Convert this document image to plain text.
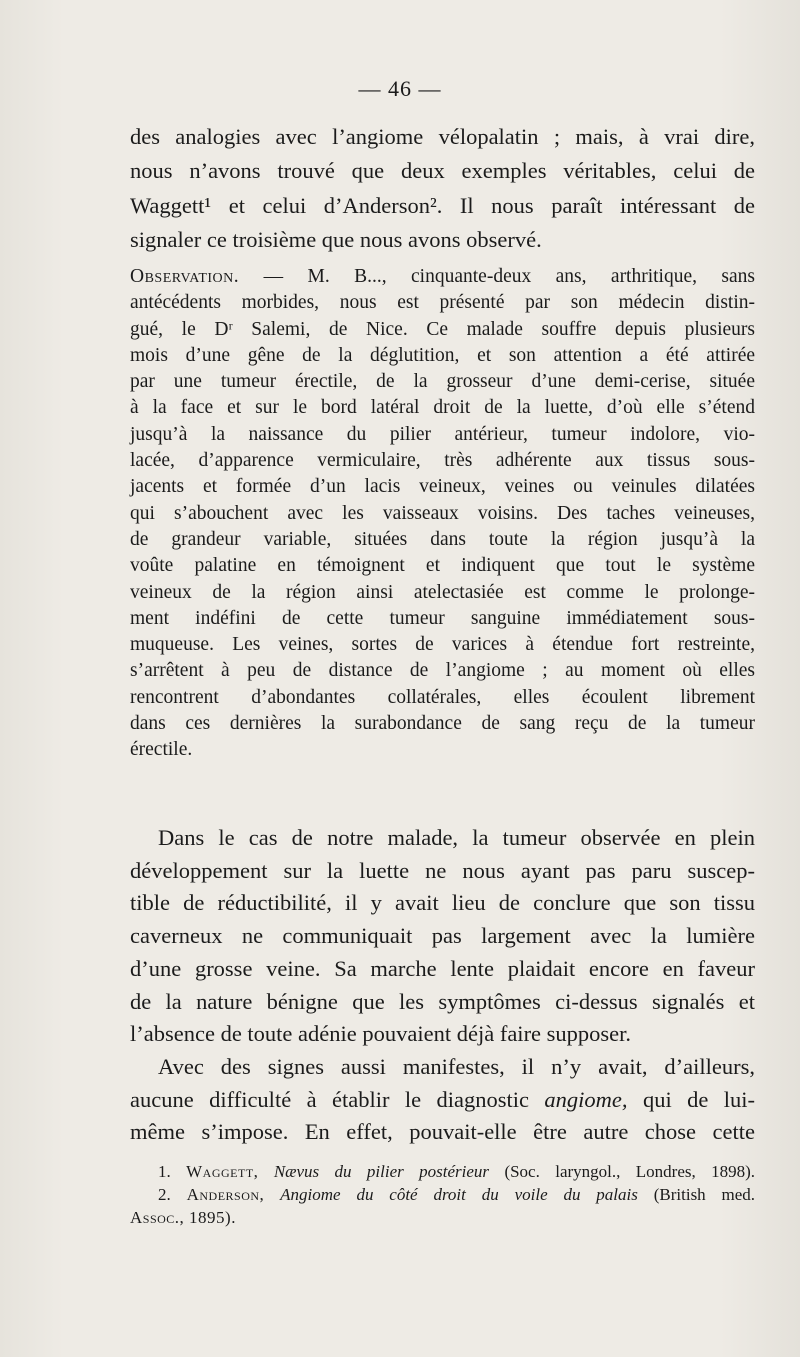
— 46 —
des analogies avec l’angiome vélopalatin ; mais, à vrai dire,
nous n’avons trouvé que deux exemples véritables, celui de
Waggett¹ et celui d’Anderson². Il nous paraît intéressant de
signaler ce troisième que nous avons observé.
Observation. — M. B..., cinquante-deux ans, arthritique, sans
antécédents morbides, nous est présenté par son médecin distin-
gué, le Dʳ Salemi, de Nice. Ce malade souffre depuis plusieurs
mois d’une gêne de la déglutition, et son attention a été attirée
par une tumeur érectile, de la grosseur d’une demi-cerise, située
à la face et sur le bord latéral droit de la luette, d’où elle s’étend
jusqu’à la naissance du pilier antérieur, tumeur indolore, vio-
lacée, d’apparence vermiculaire, très adhérente aux tissus sous-
jacents et formée d’un lacis veineux, veines ou veinules dilatées
qui s’abouchent avec les vaisseaux voisins. Des taches veineuses,
de grandeur variable, situées dans toute la région jusqu’à la
voûte palatine en témoignent et indiquent que tout le système
veineux de la région ainsi atelectasiée est comme le prolonge-
ment indéfini de cette tumeur sanguine immédiatement sous-
muqueuse. Les veines, sortes de varices à étendue fort restreinte,
s’arrêtent à peu de distance de l’angiome ; au moment où elles
rencontrent d’abondantes collatérales, elles écoulent librement
dans ces dernières la surabondance de sang reçu de la tumeur
érectile.
Dans le cas de notre malade, la tumeur observée en plein
développement sur la luette ne nous ayant pas paru suscep-
tible de réductibilité, il y avait lieu de conclure que son tissu
caverneux ne communiquait pas largement avec la lumière
d’une grosse veine. Sa marche lente plaidait encore en faveur
de la nature bénigne que les symptômes ci-dessus signalés et
l’absence de toute adénie pouvaient déjà faire supposer.
Avec des signes aussi manifestes, il n’y avait, d’ailleurs,
aucune difficulté à établir le diagnostic angiome, qui de lui-
même s’impose. En effet, pouvait-elle être autre chose cette
1. Waggett, Nævus du pilier postérieur (Soc. laryngol., Londres, 1898).
2. Anderson, Angiome du côté droit du voile du palais (British med.
Assoc., 1895).
